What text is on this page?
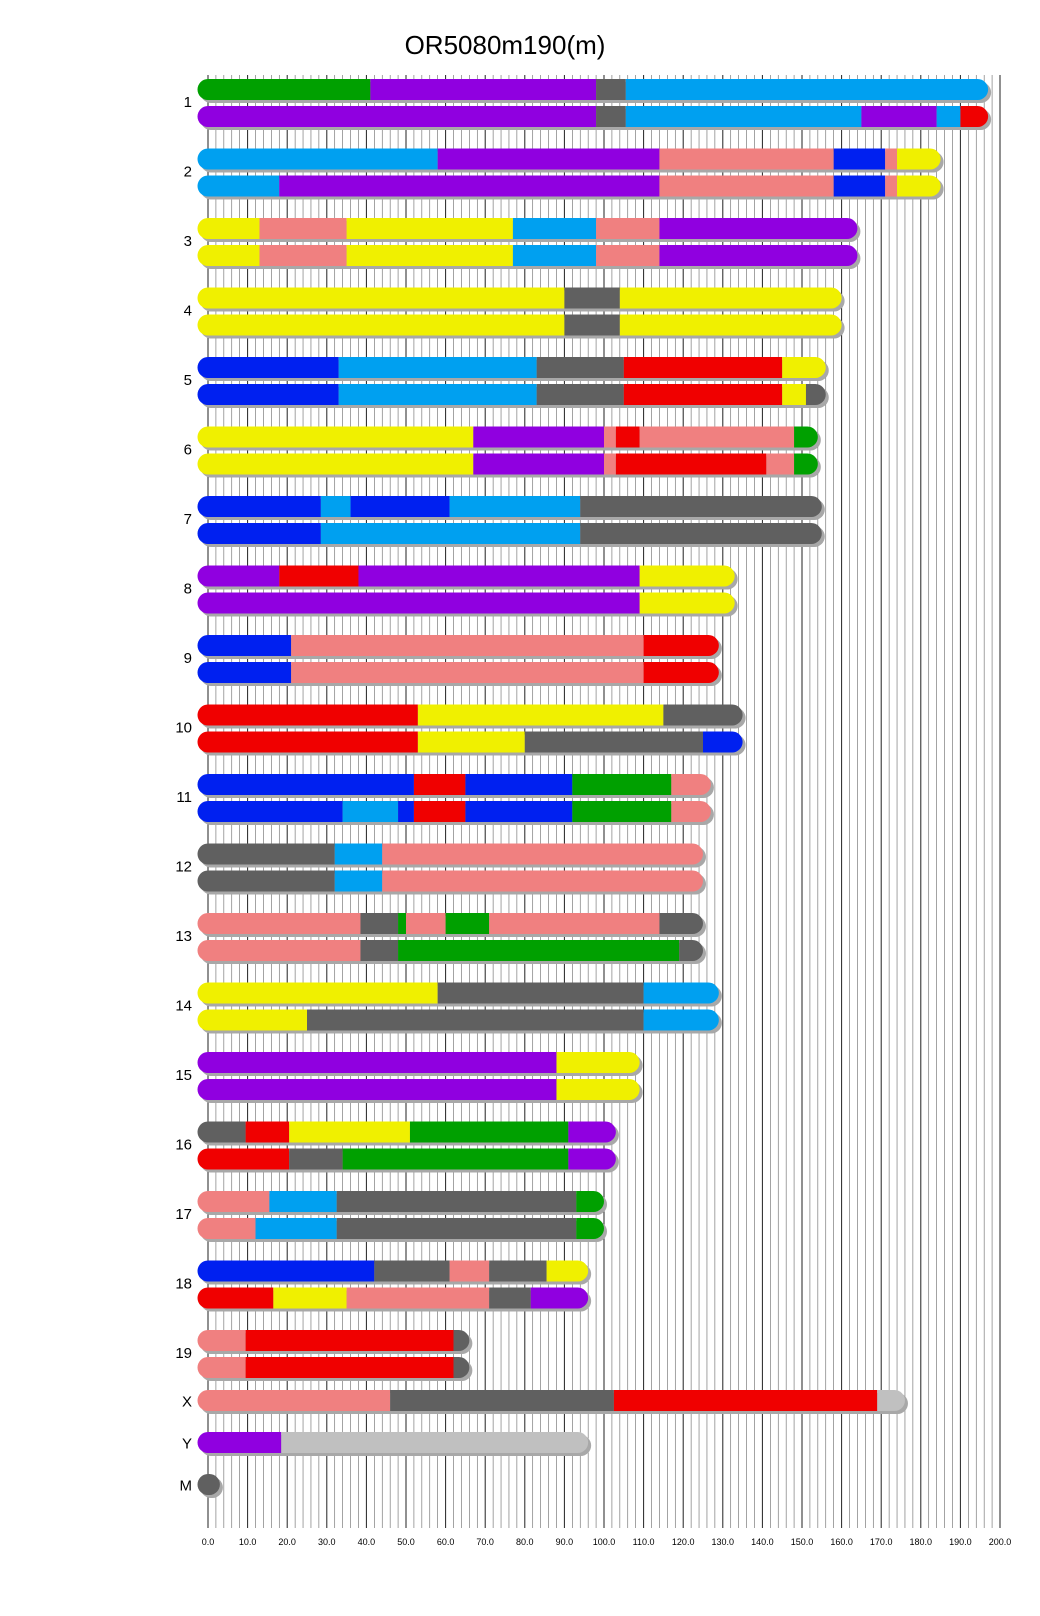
OR5080m190(m)
0.0	10.0 20.0 30.0 40.0 50.0 60.0 70.0 80.0 90.0 100.0 110.0 120.0 130.0 140.0 150.0 160.0 170.0 180.0 190.0 200.0
1
2
3
4
5
6
7
8
9
10
11
12
13
14
15
16
17
18
19
X
Y
M
